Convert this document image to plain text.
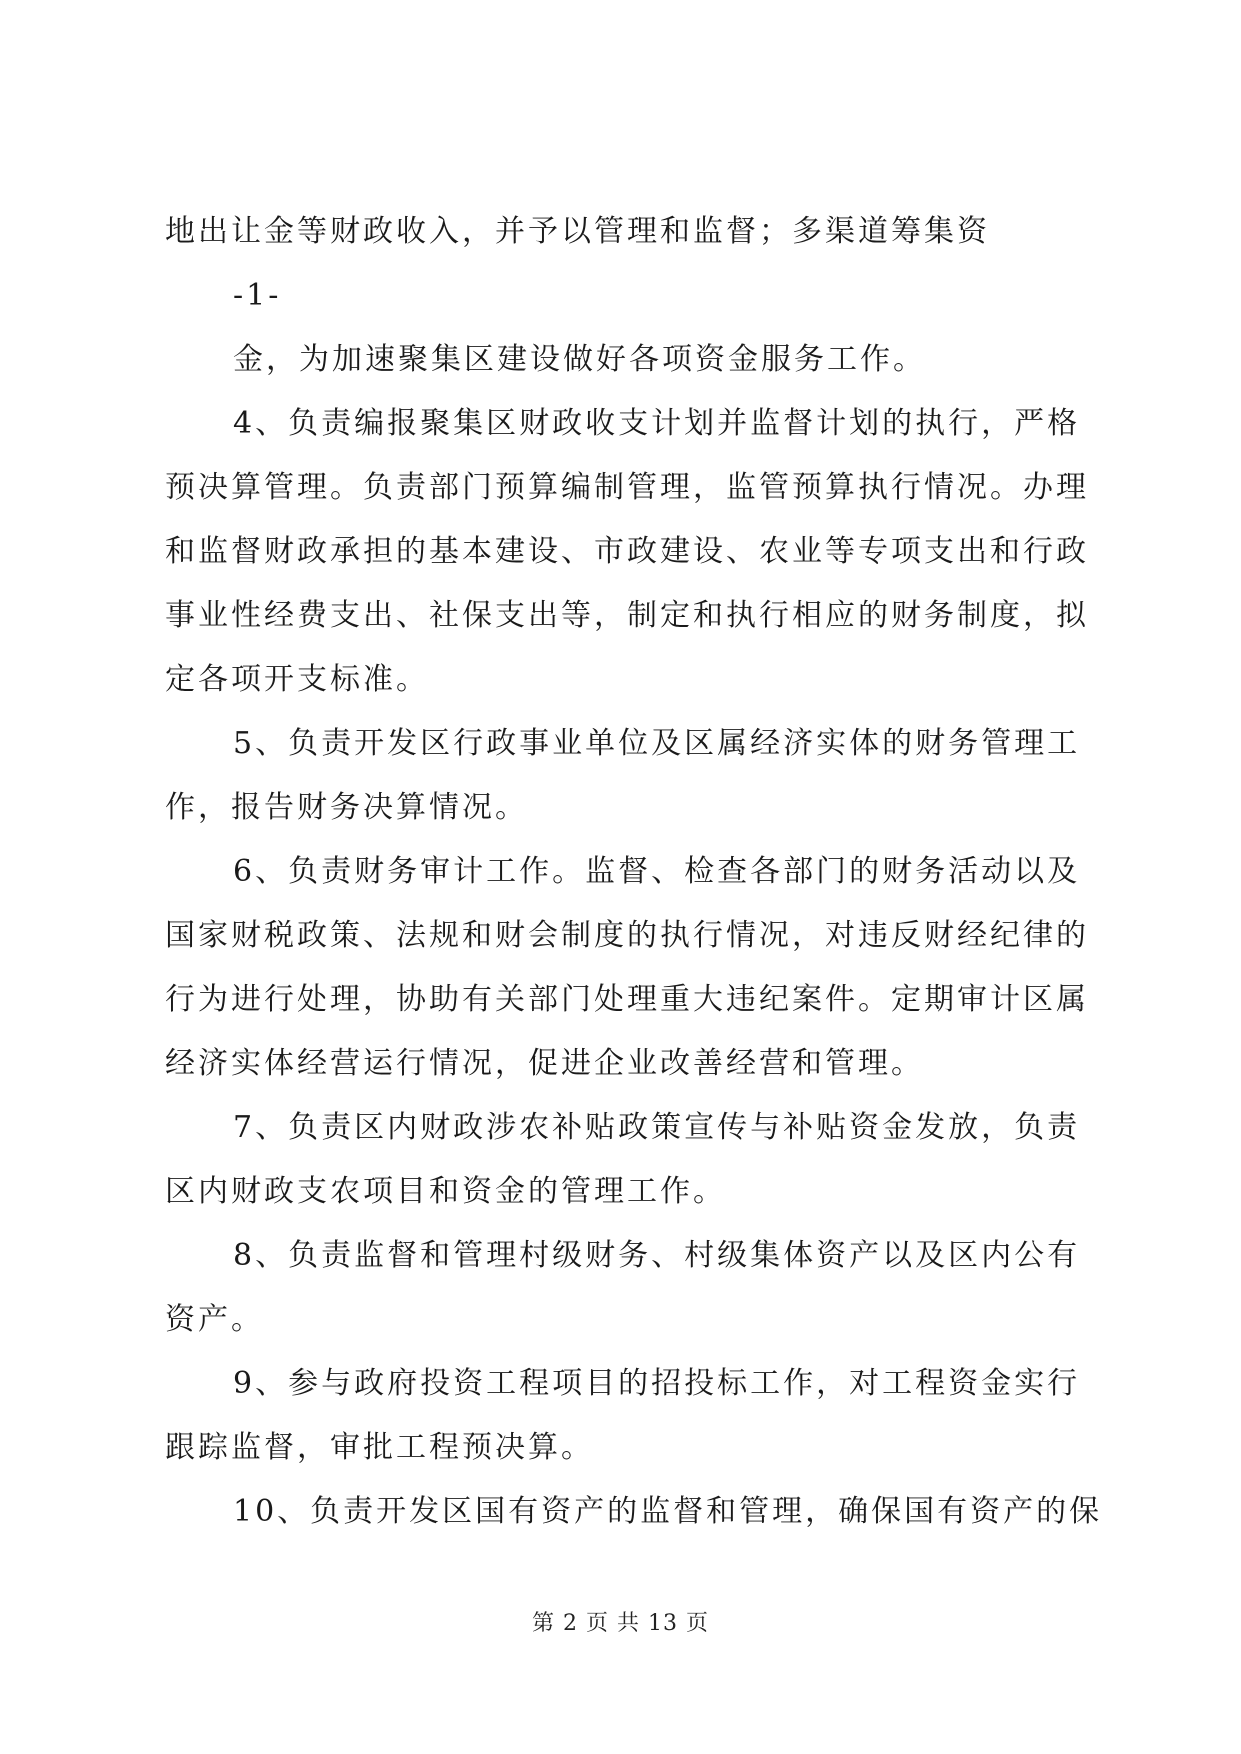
地出让金等财政收入，并予以管理和监督；多渠道筹集资
-1-
金，为加速聚集区建设做好各项资金服务工作。
4、负责编报聚集区财政收支计划并监督计划的执行，严格
预决算管理。负责部门预算编制管理，监管预算执行情况。办理
和监督财政承担的基本建设、市政建设、农业等专项支出和行政
事业性经费支出、社保支出等，制定和执行相应的财务制度，拟
定各项开支标准。
5、负责开发区行政事业单位及区属经济实体的财务管理工
作，报告财务决算情况。
6、负责财务审计工作。监督、检查各部门的财务活动以及
国家财税政策、法规和财会制度的执行情况，对违反财经纪律的
行为进行处理，协助有关部门处理重大违纪案件。定期审计区属
经济实体经营运行情况，促进企业改善经营和管理。
7、负责区内财政涉农补贴政策宣传与补贴资金发放，负责
区内财政支农项目和资金的管理工作。
8、负责监督和管理村级财务、村级集体资产以及区内公有
资产。
9、参与政府投资工程项目的招投标工作，对工程资金实行
跟踪监督，审批工程预决算。
10、负责开发区国有资产的监督和管理，确保国有资产的保
第 2 页 共 13 页
